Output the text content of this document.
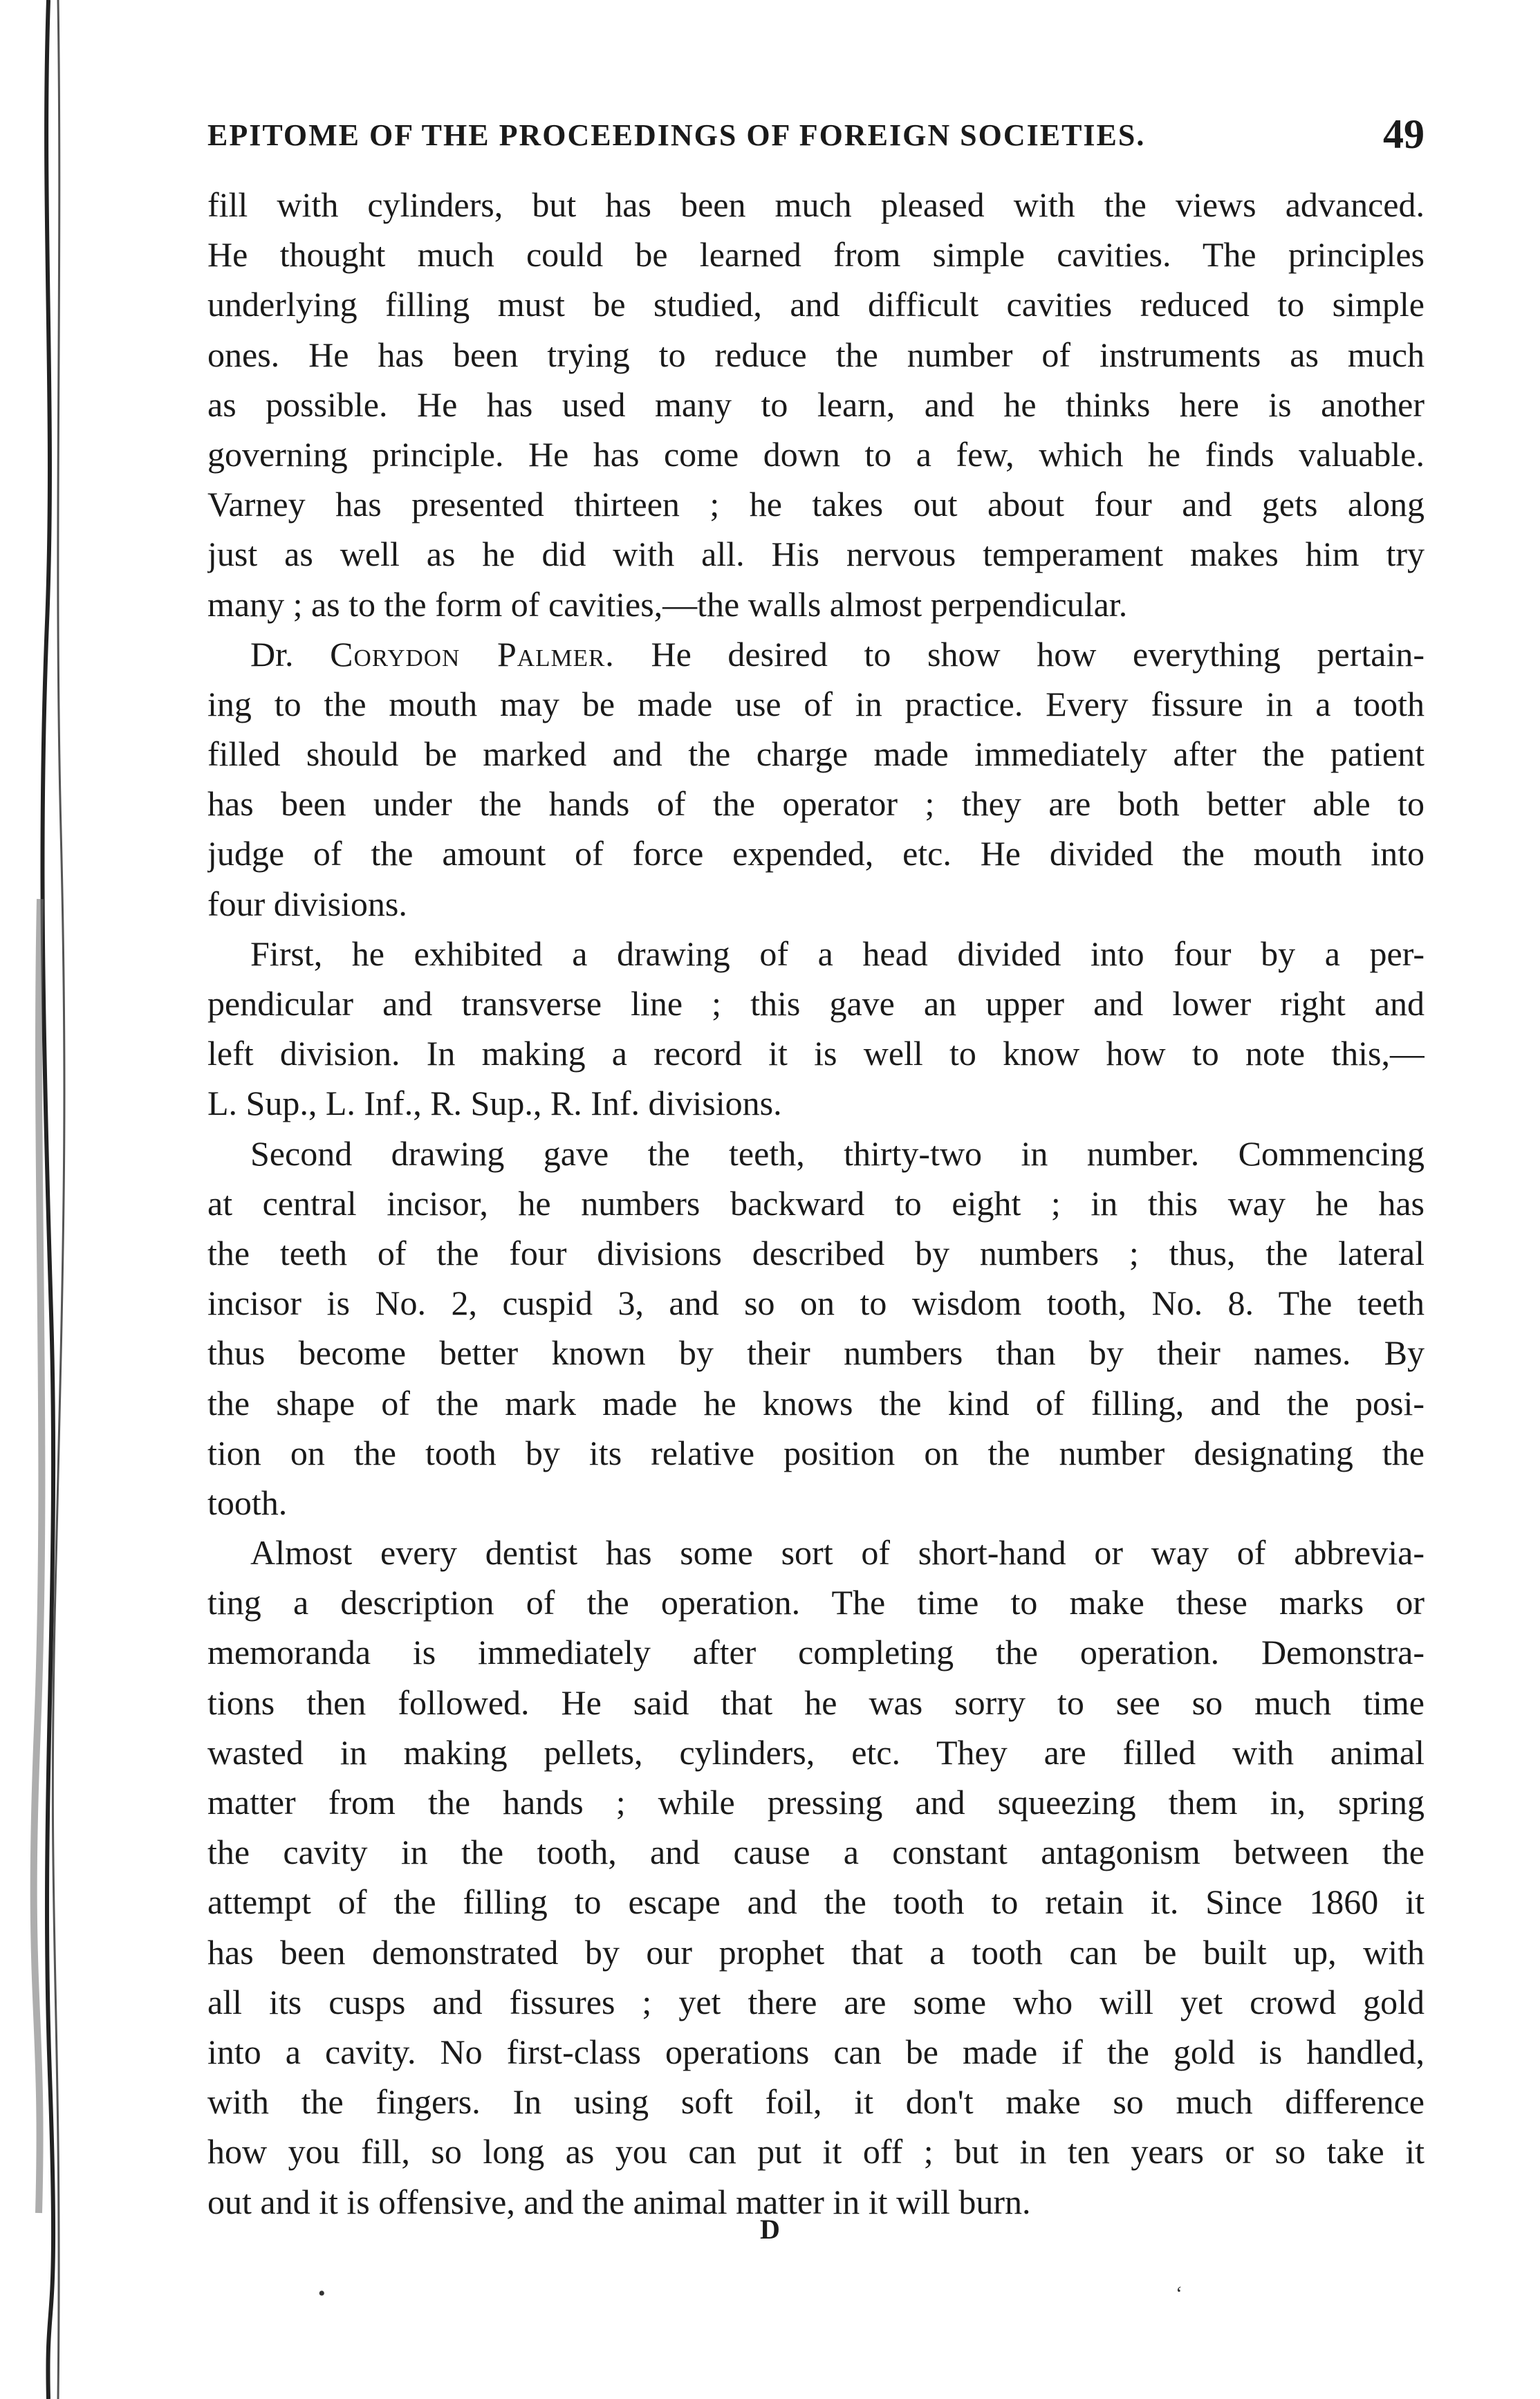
EPITOME OF THE PROCEEDINGS OF FOREIGN SOCIETIES.	49
fill with cylinders, but has been much pleased with the views advanced.
He thought much could be learned from simple cavities. The principles
underlying filling must be studied, and difficult cavities reduced to simple
ones. He has been trying to reduce the number of instruments as much
as possible. He has used many to learn, and he thinks here is another
governing principle. He has come down to a few, which he finds valuable.
Varney has presented thirteen ; he takes out about four and gets along
just as well as he did with all. His nervous temperament makes him try
many ; as to the form of cavities,—the walls almost perpendicular.
Dr. Corydon Palmer. He desired to show how everything pertain-
ing to the mouth may be made use of in practice. Every fissure in a tooth
filled should be marked and the charge made immediately after the patient
has been under the hands of the operator ; they are both better able to
judge of the amount of force expended, etc. He divided the mouth into
four divisions.
First, he exhibited a drawing of a head divided into four by a per-
pendicular and transverse line ; this gave an upper and lower right and
left division. In making a record it is well to know how to note this,—
L. Sup., L. Inf., R. Sup., R. Inf. divisions.
Second drawing gave the teeth, thirty-two in number. Commencing
at central incisor, he numbers backward to eight ; in this way he has
the teeth of the four divisions described by numbers ; thus, the lateral
incisor is No. 2, cuspid 3, and so on to wisdom tooth, No. 8. The teeth
thus become better known by their numbers than by their names. By
the shape of the mark made he knows the kind of filling, and the posi-
tion on the tooth by its relative position on the number designating the
tooth.
Almost every dentist has some sort of short-hand or way of abbrevia-
ting a description of the operation. The time to make these marks or
memoranda is immediately after completing the operation. Demonstra-
tions then followed. He said that he was sorry to see so much time
wasted in making pellets, cylinders, etc. They are filled with animal
matter from the hands ; while pressing and squeezing them in, spring
the cavity in the tooth, and cause a constant antagonism between the
attempt of the filling to escape and the tooth to retain it. Since 1860 it
has been demonstrated by our prophet that a tooth can be built up, with
all its cusps and fissures ; yet there are some who will yet crowd gold
into a cavity. No first-class operations can be made if the gold is handled,
with the fingers. In using soft foil, it don't make so much difference
how you fill, so long as you can put it off ; but in ten years or so take it
out and it is offensive, and the animal matter in it will burn.
D
•	‘
